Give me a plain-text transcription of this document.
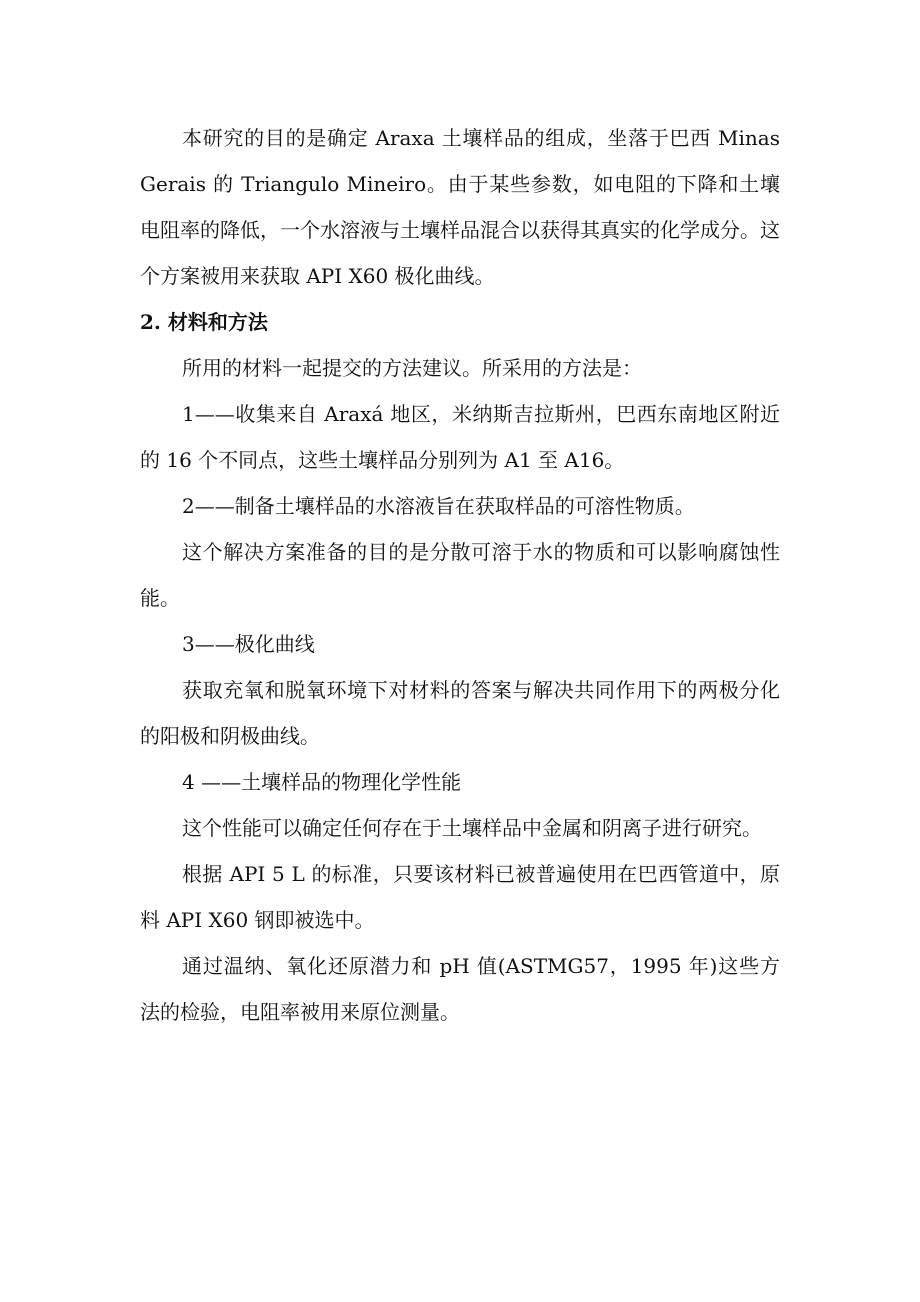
本研究的目的是确定 Araxa 土壤样品的组成，坐落于巴西 Minas Gerais 的 Triangulo Mineiro。由于某些参数，如电阻的下降和土壤电阻率的降低，一个水溶液与土壤样品混合以获得其真实的化学成分。这个方案被用来获取 API X60 极化曲线。

2. 材料和方法

所用的材料一起提交的方法建议。所采用的方法是：

1——收集来自 Araxá 地区，米纳斯吉拉斯州，巴西东南地区附近的 16 个不同点，这些土壤样品分别列为 A1 至 A16。

2——制备土壤样品的水溶液旨在获取样品的可溶性物质。

这个解决方案准备的目的是分散可溶于水的物质和可以影响腐蚀性能。

3——极化曲线

获取充氧和脱氧环境下对材料的答案与解决共同作用下的两极分化的阳极和阴极曲线。

4 ——土壤样品的物理化学性能

这个性能可以确定任何存在于土壤样品中金属和阴离子进行研究。

根据 API 5 L 的标准，只要该材料已被普遍使用在巴西管道中，原料 API X60 钢即被选中。

通过温纳、氧化还原潜力和 pH 值(ASTMG57，1995 年)这些方法的检验，电阻率被用来原位测量。
